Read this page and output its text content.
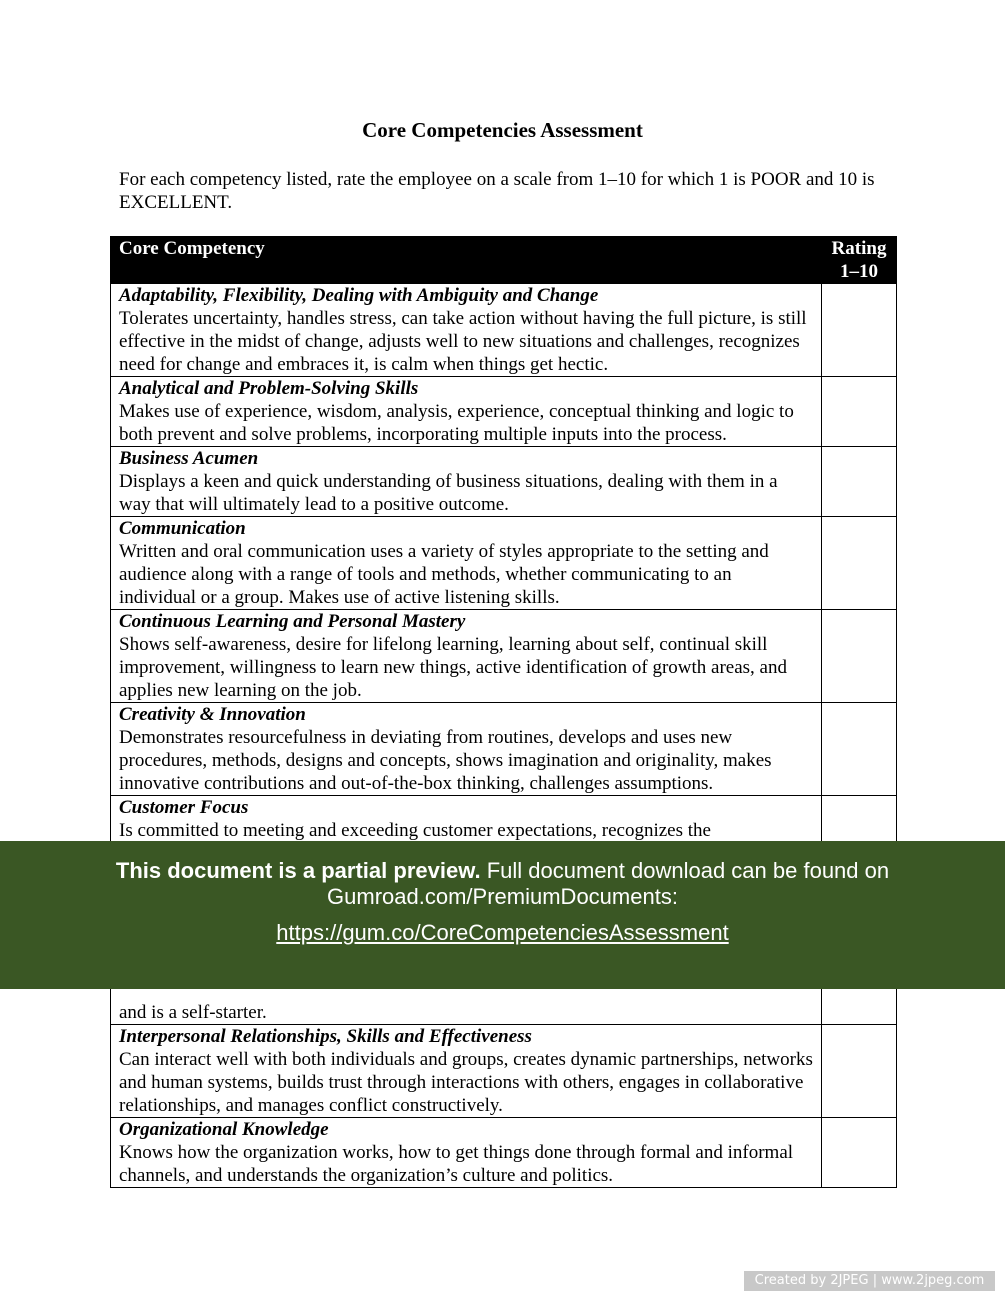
Core Competencies Assessment

For each competency listed, rate the employee on a scale from 1–10 for which 1 is POOR and 10 is EXCELLENT.

Core Competency	Rating 1–10

Adaptability, Flexibility, Dealing with Ambiguity and Change
Tolerates uncertainty, handles stress, can take action without having the full picture, is still effective in the midst of change, adjusts well to new situations and challenges, recognizes need for change and embraces it, is calm when things get hectic.	

Analytical and Problem-Solving Skills
Makes use of experience, wisdom, analysis, experience, conceptual thinking and logic to both prevent and solve problems, incorporating multiple inputs into the process.	

Business Acumen
Displays a keen and quick understanding of business situations, dealing with them in a way that will ultimately lead to a positive outcome.	

Communication
Written and oral communication uses a variety of styles appropriate to the setting and audience along with a range of tools and methods, whether communicating to an individual or a group. Makes use of active listening skills.	

Continuous Learning and Personal Mastery
Shows self-awareness, desire for lifelong learning, learning about self, continual skill improvement, willingness to learn new things, active identification of growth areas, and applies new learning on the job.	

Creativity & Innovation
Demonstrates resourcefulness in deviating from routines, develops and uses new procedures, methods, designs and concepts, shows imagination and originality, makes innovative contributions and out-of-the-box thinking, challenges assumptions.	

Customer Focus
Is committed to meeting and exceeding customer expectations, recognizes the	
and is a self-starter.	

Interpersonal Relationships, Skills and Effectiveness
Can interact well with both individuals and groups, creates dynamic partnerships, networks and human systems, builds trust through interactions with others, engages in collaborative relationships, and manages conflict constructively.	

Organizational Knowledge
Knows how the organization works, how to get things done through formal and informal channels, and understands the organization’s culture and politics.	
This document is a partial preview. Full document download can be found on Gumroad.com/PremiumDocuments:
https://gum.co/CoreCompetenciesAssessment
Created by 2JPEG | www.2jpeg.com
